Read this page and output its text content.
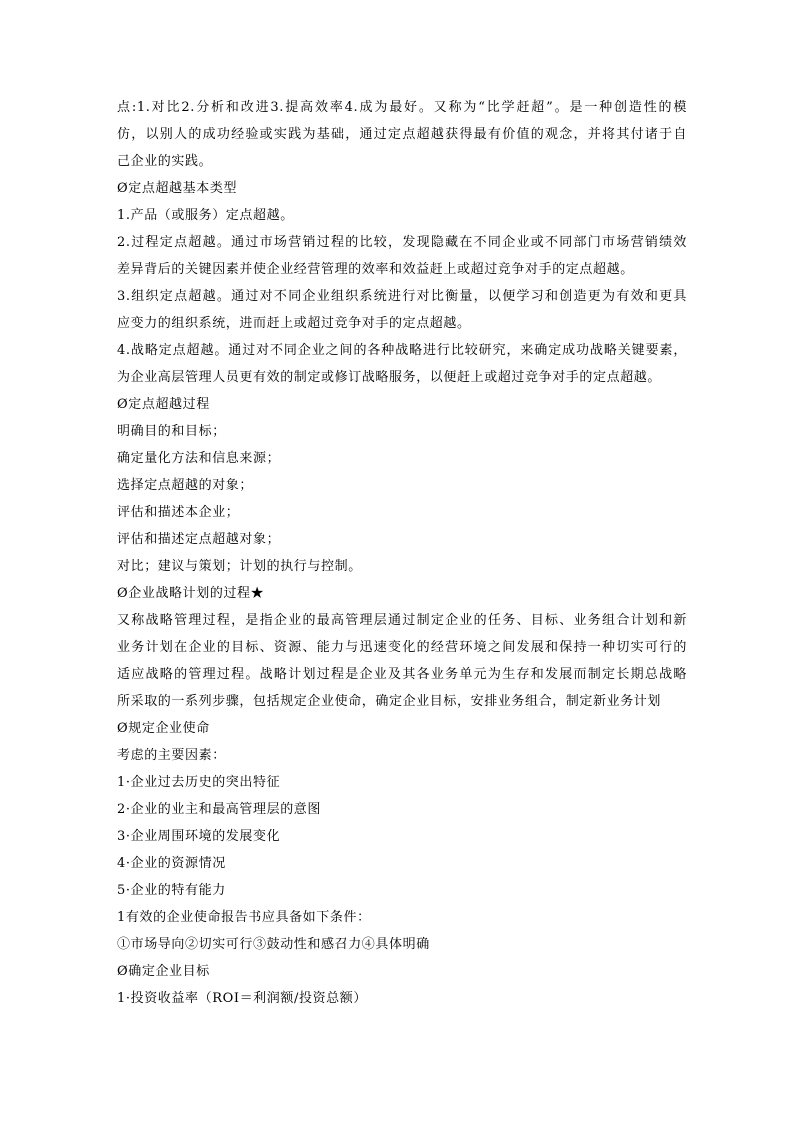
点:1.对比2.分析和改进3.提高效率4.成为最好。又称为“比学赶超”。是一种创造性的模
仿，以别人的成功经验或实践为基础，通过定点超越获得最有价值的观念，并将其付诸于自
己企业的实践。
Ø定点超越基本类型
1.产品（或服务）定点超越。
2.过程定点超越。通过市场营销过程的比较，发现隐藏在不同企业或不同部门市场营销绩效
差异背后的关键因素并使企业经营管理的效率和效益赶上或超过竞争对手的定点超越。
3.组织定点超越。通过对不同企业组织系统进行对比衡量，以便学习和创造更为有效和更具
应变力的组织系统，进而赶上或超过竞争对手的定点超越。
4.战略定点超越。通过对不同企业之间的各种战略进行比较研究，来确定成功战略关键要素，
为企业高层管理人员更有效的制定或修订战略服务，以便赶上或超过竞争对手的定点超越。
Ø定点超越过程
明确目的和目标；
确定量化方法和信息来源；
选择定点超越的对象；
评估和描述本企业；
评估和描述定点超越对象；
对比；建议与策划；计划的执行与控制。
Ø企业战略计划的过程★
又称战略管理过程，是指企业的最高管理层通过制定企业的任务、目标、业务组合计划和新
业务计划在企业的目标、资源、能力与迅速变化的经营环境之间发展和保持一种切实可行的
适应战略的管理过程。战略计划过程是企业及其各业务单元为生存和发展而制定长期总战略
所采取的一系列步骤，包括规定企业使命，确定企业目标，安排业务组合，制定新业务计划
Ø规定企业使命
考虑的主要因素：
1·企业过去历史的突出特征
2·企业的业主和最高管理层的意图
3·企业周围环境的发展变化
4·企业的资源情况
5·企业的特有能力
1有效的企业使命报告书应具备如下条件：
①市场导向②切实可行③鼓动性和感召力④具体明确
Ø确定企业目标
1·投资收益率（ROI＝利润额/投资总额）
